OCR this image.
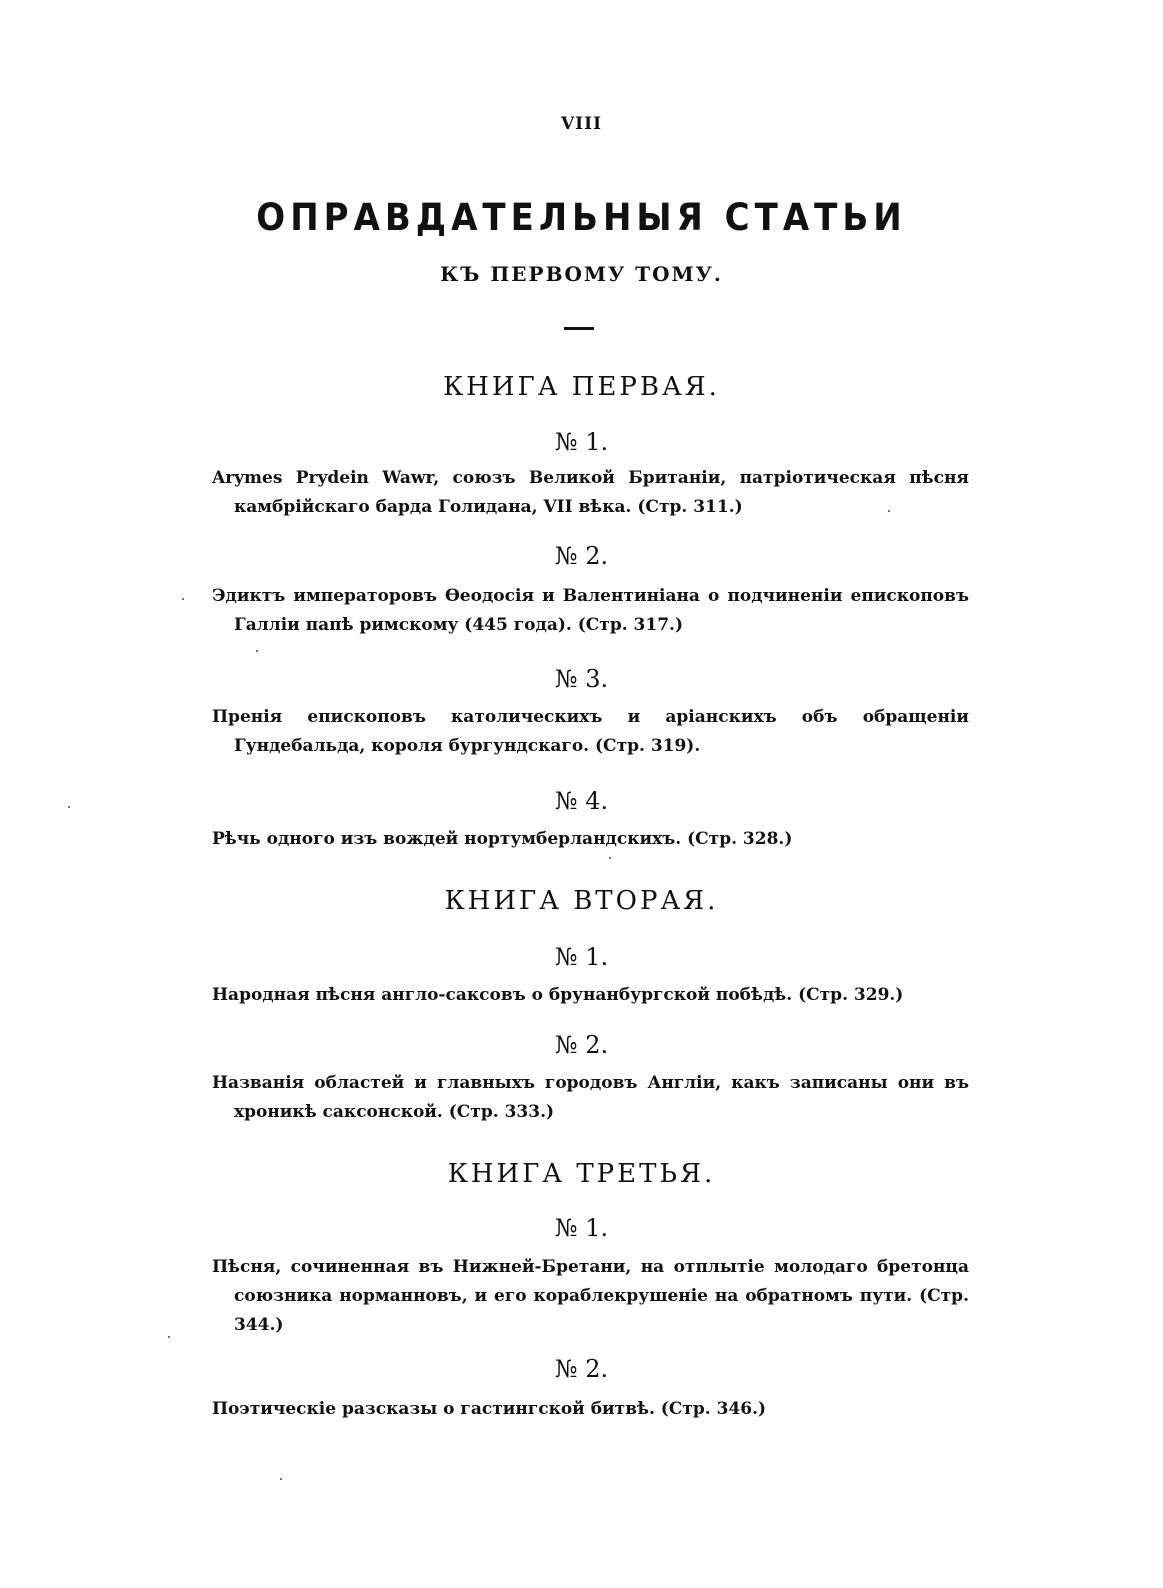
VIII
ОПРАВДАТЕЛЬНЫЯ СТАТЬИ
КЪ ПЕРВОМУ ТОМУ.
КНИГА ПЕРВАЯ.
№ 1.
Arymes Prydein Wawr, союзъ Великой Британіи, патріотическая пѣсня камбрійскаго барда Голидана, VII вѣка. (Стр. 311.)
№ 2.
Эдиктъ императоровъ Ѳеодосія и Валентиніана о подчиненіи епископовъ Галліи папѣ римскому (445 года). (Стр. 317.)
№ 3.
Пренія епископовъ католическихъ и аріанскихъ объ обращеніи Гундебальда, короля бургундскаго. (Стр. 319).
№ 4.
Рѣчь одного изъ вождей нортумберландскихъ. (Стр. 328.)
КНИГА ВТОРАЯ.
№ 1.
Народная пѣсня англо-саксовъ о брунанбургской побѣдѣ. (Стр. 329.)
№ 2.
Названія областей и главныхъ городовъ Англіи, какъ записаны они въ хроникѣ саксонской. (Стр. 333.)
КНИГА ТРЕТЬЯ.
№ 1.
Пѣсня, сочиненная въ Нижней-Бретани, на отплытіе молодаго бретонца союзника норманновъ, и его кораблекрушеніе на обратномъ пути. (Стр. 344.)
№ 2.
Поэтическіе разсказы о гастингской битвѣ. (Стр. 346.)
